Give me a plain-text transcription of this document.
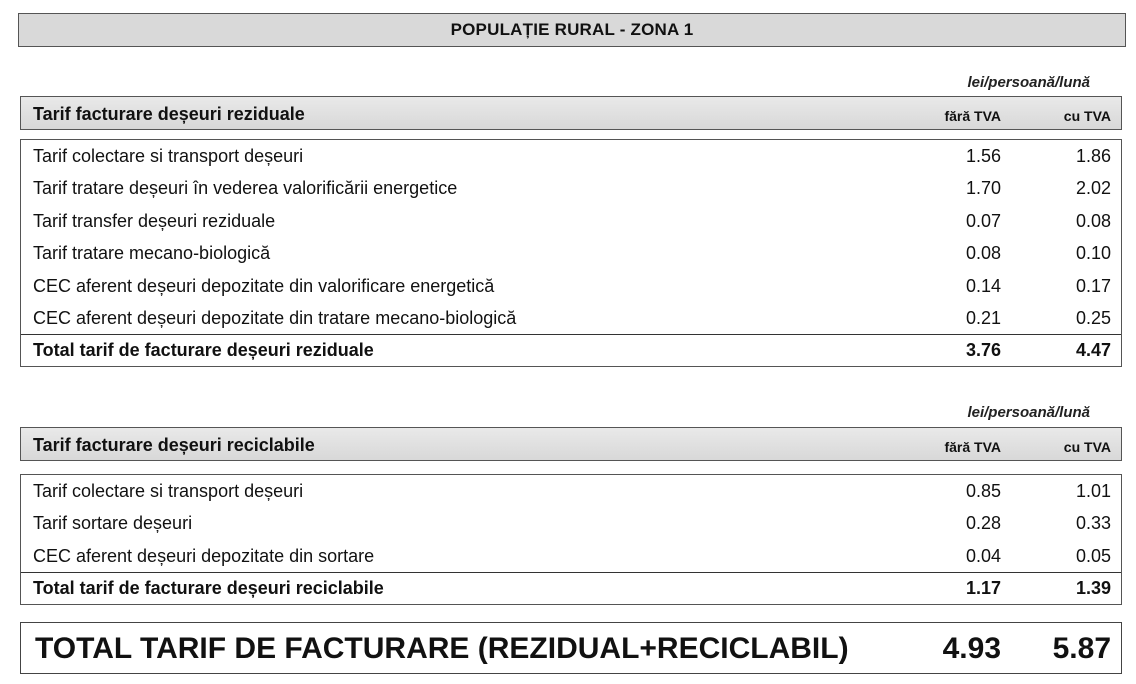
POPULAȚIE RURAL - ZONA 1
lei/persoană/lună
Tarif facturare deșeuri reziduale	fără TVA	cu TVA
Tarif colectare si transport deșeuri	1.56	1.86
Tarif tratare deșeuri în vederea valorificării energetice	1.70	2.02
Tarif transfer deșeuri reziduale	0.07	0.08
Tarif tratare mecano-biologică	0.08	0.10
CEC aferent deșeuri depozitate din valorificare energetică	0.14	0.17
CEC aferent deșeuri depozitate din tratare mecano-biologică	0.21	0.25
Total tarif de facturare deșeuri reziduale	3.76	4.47
lei/persoană/lună
Tarif facturare deșeuri reciclabile	fără TVA	cu TVA
Tarif colectare si transport deșeuri	0.85	1.01
Tarif sortare deșeuri	0.28	0.33
CEC aferent deșeuri depozitate din sortare	0.04	0.05
Total tarif de facturare deșeuri reciclabile	1.17	1.39
TOTAL TARIF DE FACTURARE (REZIDUAL+RECICLABIL)	4.93	5.87
